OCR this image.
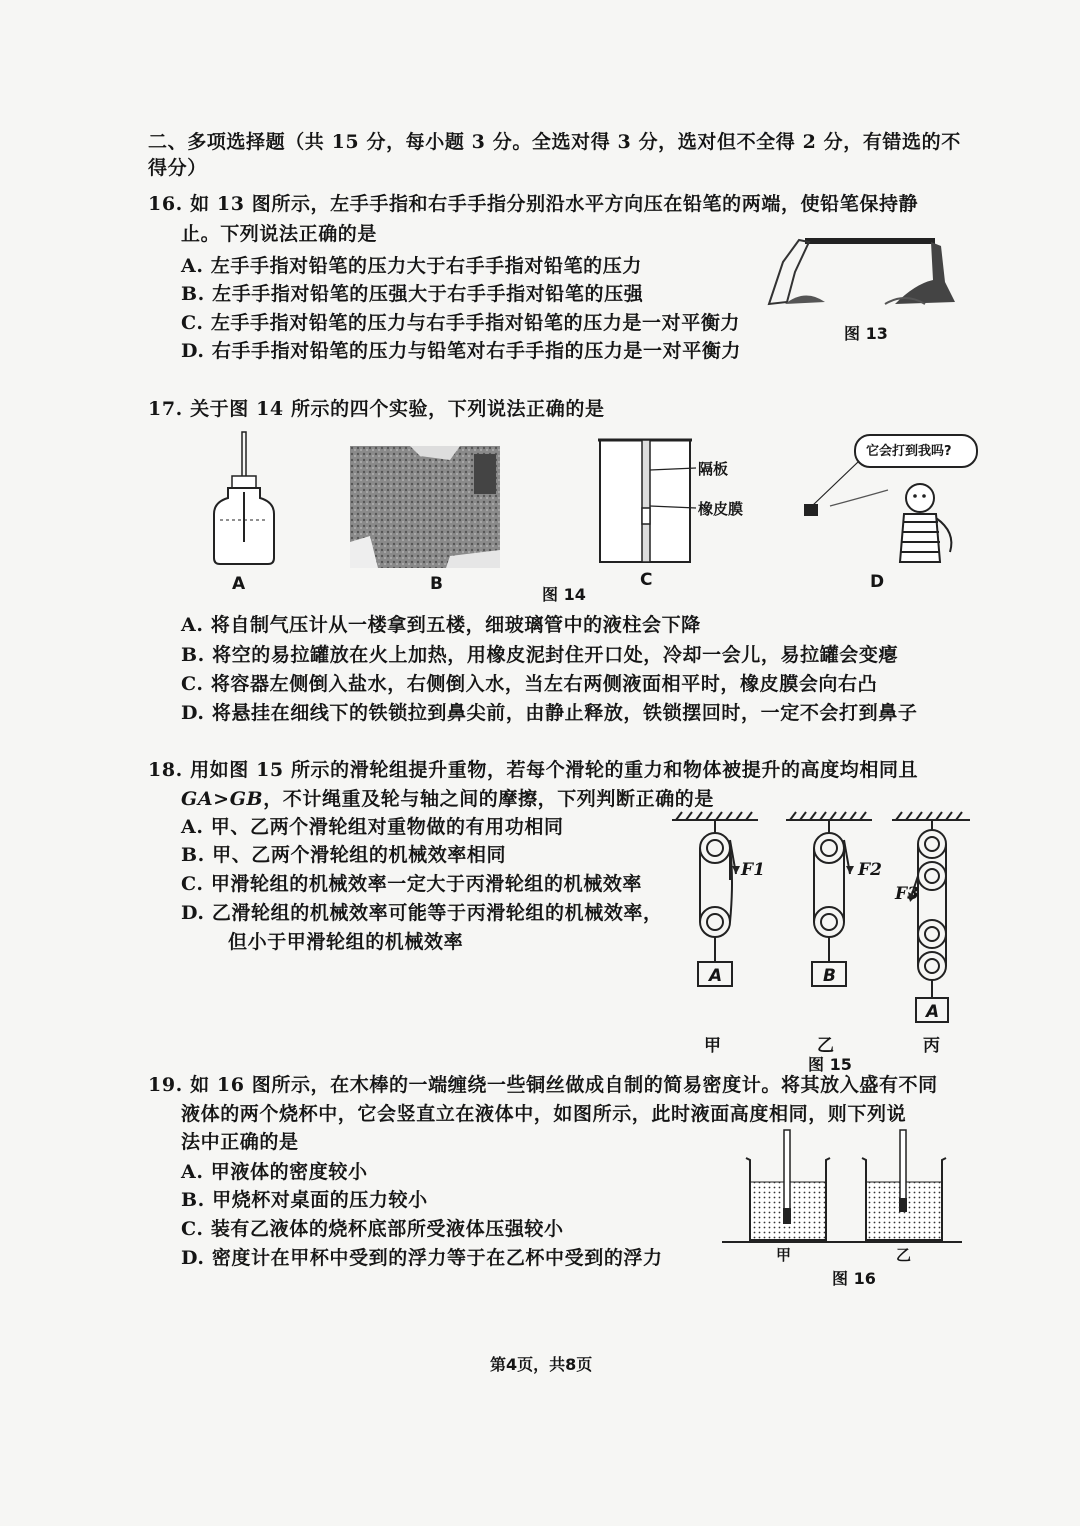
二、多项选择题（共 15 分，每小题 3 分。全选对得 3 分，选对但不全得 2 分，有错选的不
得分）
16. 如 13 图所示，左手手指和右手手指分别沿水平方向压在铅笔的两端，使铅笔保持静
止。下列说法正确的是
A. 左手手指对铅笔的压力大于右手手指对铅笔的压力
B. 左手手指对铅笔的压强大于右手手指对铅笔的压强
C. 左手手指对铅笔的压力与右手手指对铅笔的压力是一对平衡力
D. 右手手指对铅笔的压力与铅笔对右手手指的压力是一对平衡力
图 13
17. 关于图 14 所示的四个实验，下列说法正确的是
A	B
图 14
隔板
橡皮膜
C
它会打到我吗?
D
A. 将自制气压计从一楼拿到五楼，细玻璃管中的液柱会下降
B. 将空的易拉罐放在火上加热，用橡皮泥封住开口处，冷却一会儿，易拉罐会变瘪
C. 将容器左侧倒入盐水，右侧倒入水，当左右两侧液面相平时，橡皮膜会向右凸
D. 将悬挂在细线下的铁锁拉到鼻尖前，由静止释放，铁锁摆回时，一定不会打到鼻子
18. 用如图 15 所示的滑轮组提升重物，若每个滑轮的重力和物体被提升的高度均相同且
GA>GB，不计绳重及轮与轴之间的摩擦，下列判断正确的是
A. 甲、乙两个滑轮组对重物做的有用功相同
B. 甲、乙两个滑轮组的机械效率相同
C. 甲滑轮组的机械效率一定大于丙滑轮组的机械效率
D. 乙滑轮组的机械效率可能等于丙滑轮组的机械效率，
但小于甲滑轮组的机械效率
F1	F2
F3
A	B
A
甲	乙	丙
图 15
19. 如 16 图所示，在木棒的一端缠绕一些铜丝做成自制的简易密度计。将其放入盛有不同
液体的两个烧杯中，它会竖直立在液体中，如图所示，此时液面高度相同，则下列说
法中正确的是
A. 甲液体的密度较小
B. 甲烧杯对桌面的压力较小
C. 装有乙液体的烧杯底部所受液体压强较小
D. 密度计在甲杯中受到的浮力等于在乙杯中受到的浮力	甲	乙
图 16
第4页，共8页
